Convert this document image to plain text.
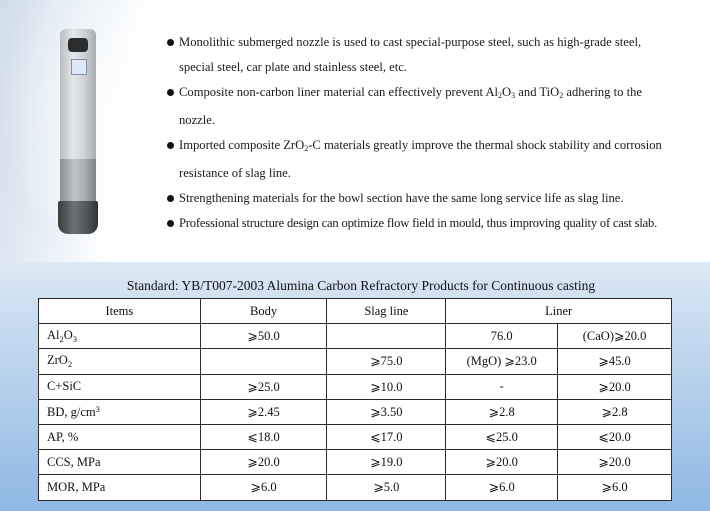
Monolithic submerged nozzle is used to cast special-purpose steel, such as high-grade steel,
special steel, car plate and stainless steel, etc.
Composite non-carbon liner material can effectively prevent $Al_2O_3$ and TiO$_2$ adhering to the
nozzle.
Imported composite ZrO$_2$-C materials greatly improve the thermal shock stability and corrosion
resistance of slag line.
Strengthening materials for the bowl section have the same long service life as slag line.
Professional structure design can optimize flow field in mould, thus improving quality of cast slab.
Standard: YB/T007-2003 Alumina Carbon Refractory Products for Continuous casting
Items	Body	Slag line	Liner	
$Al_2O_3$	⩾50.0		76.0	(CaO)⩾20.0
ZrO$_2$		⩾75.0	(MgO) ⩾23.0	⩾45.0
C+SiC	⩾25.0	⩾10.0	-	⩾20.0
BD, $g/cm^3$	⩾2.45	⩾3.50	⩾2.8	⩾2.8
AP, %	⩽18.0	⩽17.0	⩽25.0	⩽20.0
CCS, MPa	⩾20.0	⩾19.0	⩾20.0	⩾20.0
MOR, MPa	⩾6.0	⩾5.0	⩾6.0	⩾6.0
